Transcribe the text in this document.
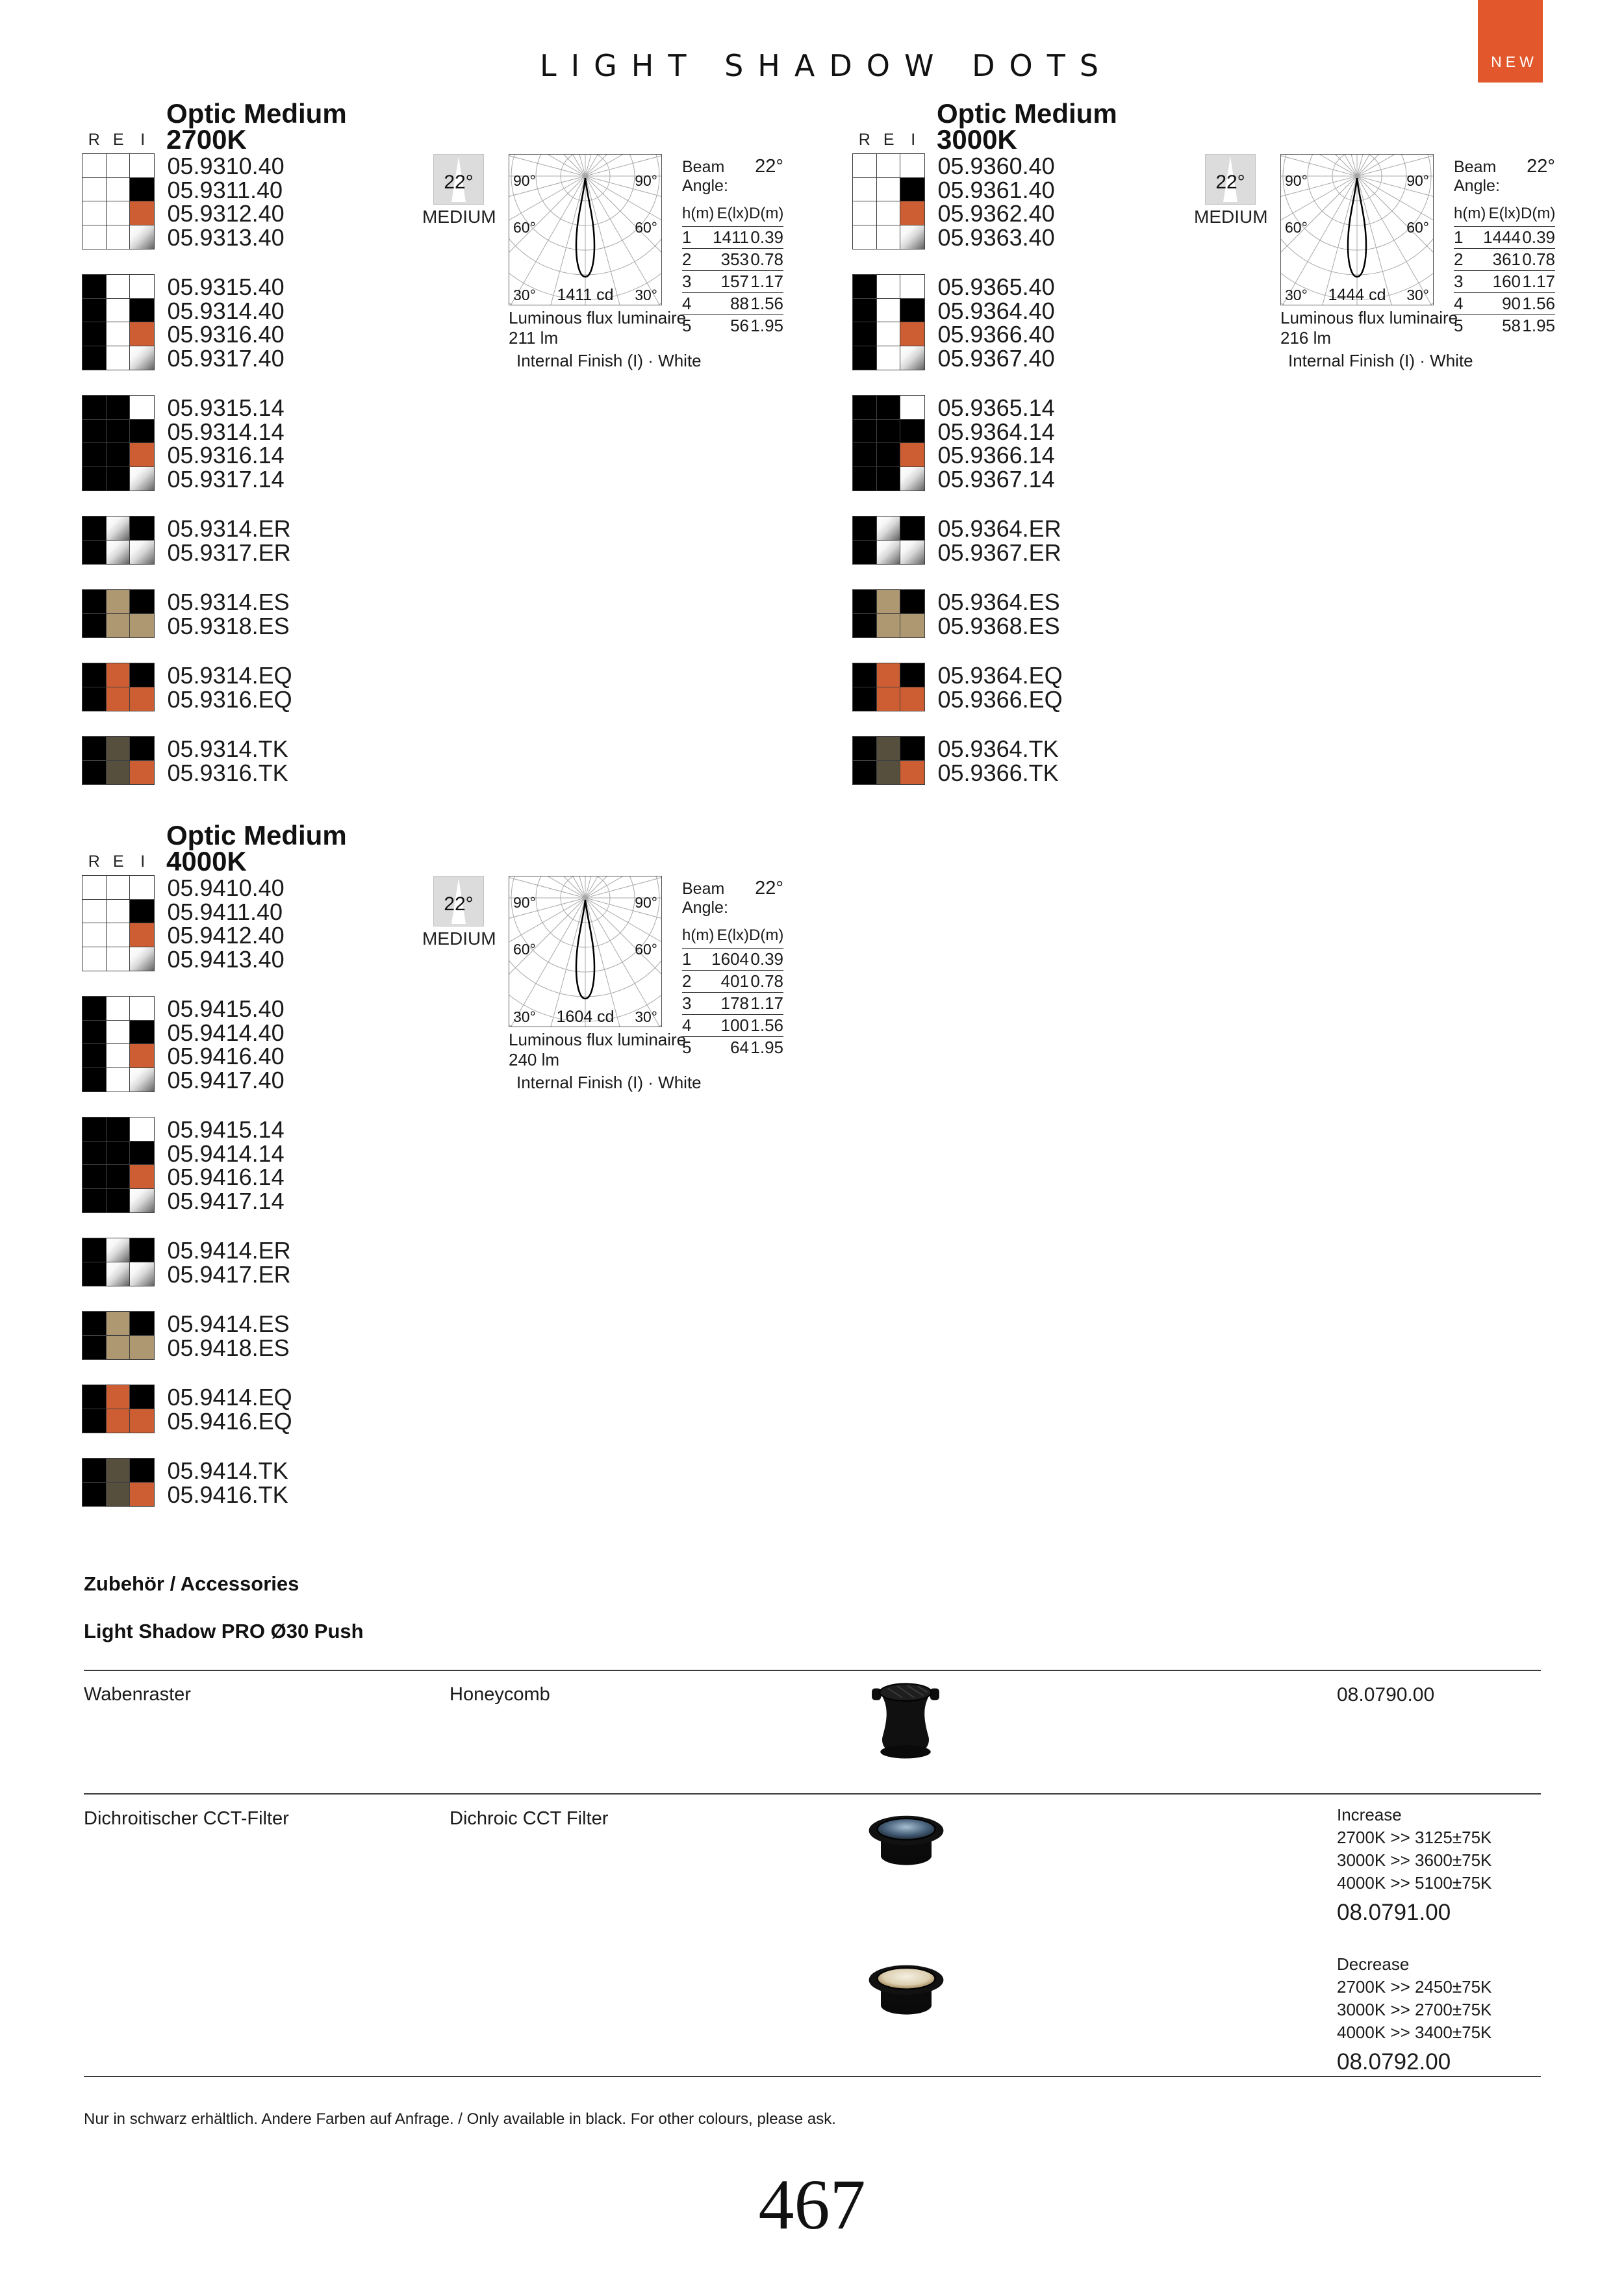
LIGHT SHADOW DOTS	NEW
R E	I
Optic Medium
2700K
05.9310.40
05.9311.40
05.9312.40
05.9313.40
05.9315.40
05.9314.40
05.9316.40
05.9317.40
05.9315.14
05.9314.14
05.9316.14
05.9317.14
05.9314.ER
05.9317.ER
05.9314.ES
05.9318.ES
05.9314.EQ
05.9316.EQ
05.9314.TK
05.9316.TK
R E	I
Optic Medium
3000K
05.9360.40
05.9361.40
05.9362.40
05.9363.40
05.9365.40
05.9364.40
05.9366.40
05.9367.40
05.9365.14
05.9364.14
05.9366.14
05.9367.14
05.9364.ER
05.9367.ER
05.9364.ES
05.9368.ES
05.9364.EQ
05.9366.EQ
05.9364.TK
05.9366.TK
R E	I
Optic Medium
4000K
05.9410.40
05.9411.40
05.9412.40
05.9413.40
05.9415.40
05.9414.40
05.9416.40
05.9417.40
05.9415.14
05.9414.14
05.9416.14
05.9417.14
05.9414.ER
05.9417.ER
05.9414.ES
05.9418.ES
05.9414.EQ
05.9416.EQ
05.9414.TK
05.9416.TK
22°
MEDIUM
90°	90°
60°	60°
30°	30°
1411 cd
Luminous flux luminaire
211 lm
Internal Finish (I) · White
Beam Angle:
22°
h(m) E(lx) D(m)
1	1411 0.39
2	353 0.78
3	157 1.17
4	88 1.56
5	56 1.95
22°
MEDIUM
90°	90°
60°	60°
30°	30°
1444 cd
Luminous flux luminaire
216 lm
Internal Finish (I) · White
Beam Angle:
22°
h(m) E(lx) D(m)
1	1444 0.39
2	361 0.78
3	160 1.17
4	90 1.56
5	58 1.95
22°
MEDIUM
90°	90°
60°	60°
30°	30°
1604 cd
Luminous flux luminaire
240 lm
Internal Finish (I) · White
Beam Angle:
22°
h(m) E(lx) D(m)
1	1604 0.39
2	401 0.78
3	178 1.17
4	100 1.56
5	64 1.95
Zubehör / Accessories
Light Shadow PRO Ø30 Push
Wabenraster	Honeycomb	08.0790.00
Dichroitischer CCT-Filter	Dichroic CCT Filter	Increase
2700K >> 3125±75K
3000K >> 3600±75K
4000K >> 5100±75K
08.0791.00
Decrease
2700K >> 2450±75K
3000K >> 2700±75K
4000K >> 3400±75K
08.0792.00
Nur in schwarz erhältlich. Andere Farben auf Anfrage. / Only available in black. For other colours, please ask.
467
